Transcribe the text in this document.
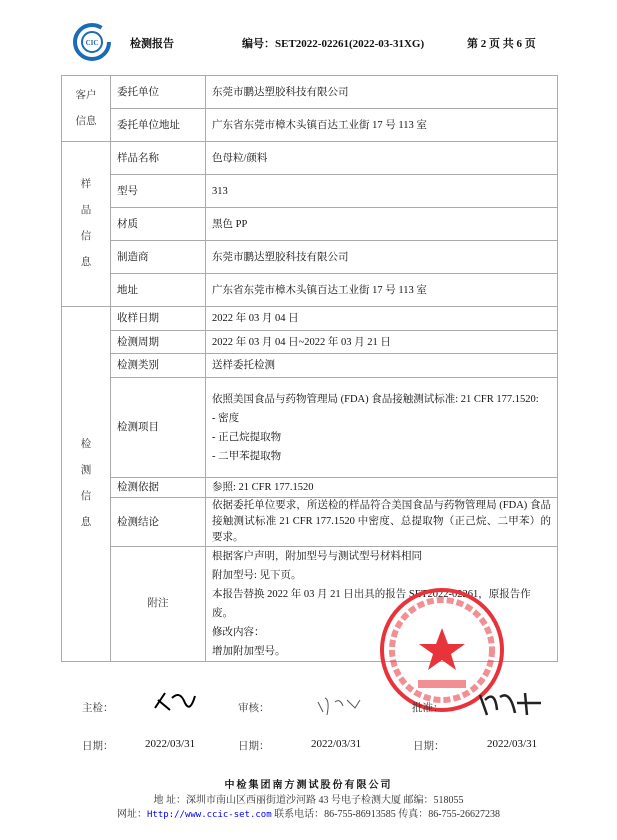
CIC	检测报告	编号：SET2022-02261(2022-03-31XG)	第 2 页 共 6 页
客户信息	委托单位	东莞市鹏达塑胶科技有限公司
	委托单位地址	广东省东莞市樟木头镇百达工业街 17 号 113 室
样品信息	样品名称	色母粒/颜料
	型号	313
	材质	黑色 PP
	制造商	东莞市鹏达塑胶科技有限公司
	地址	广东省东莞市樟木头镇百达工业街 17 号 113 室
检测信息	收样日期	2022 年 03 月 04 日
	检测周期	2022 年 03 月 04 日~2022 年 03 月 21 日
	检测类别	送样委托检测
	检测项目	依照美国食品与药物管理局 (FDA) 食品接触测试标准: 21 CFR 177.1520:
- 密度
- 正己烷提取物
- 二甲苯提取物

	检测依据	参照: 21 CFR 177.1520
	检测结论	依据委托单位要求，所送检的样品符合美国食品与药物管理局 (FDA) 食品接触测试标准 21 CFR 177.1520 中密度、总提取物（正己烷、二甲苯）的要求。
	附注	根据客户声明，附加型号与测试型号材料相同
附加型号: 见下页。
本报告替换 2022 年 03 月 21 日出具的报告 SET2022-02261，原报告作废。
修改内容：
增加附加型号。
主检：	审核：	批准：
日期：	2022/03/31	日期：	2022/03/31	日期：	2022/03/31
中检集团南方测试股份有限公司
地 址：深圳市南山区西丽街道沙河路 43 号电子检测大厦 邮编：518055
网址：Http://www.ccic-set.com 联系电话：86-755-86913585 传真：86-755-26627238
